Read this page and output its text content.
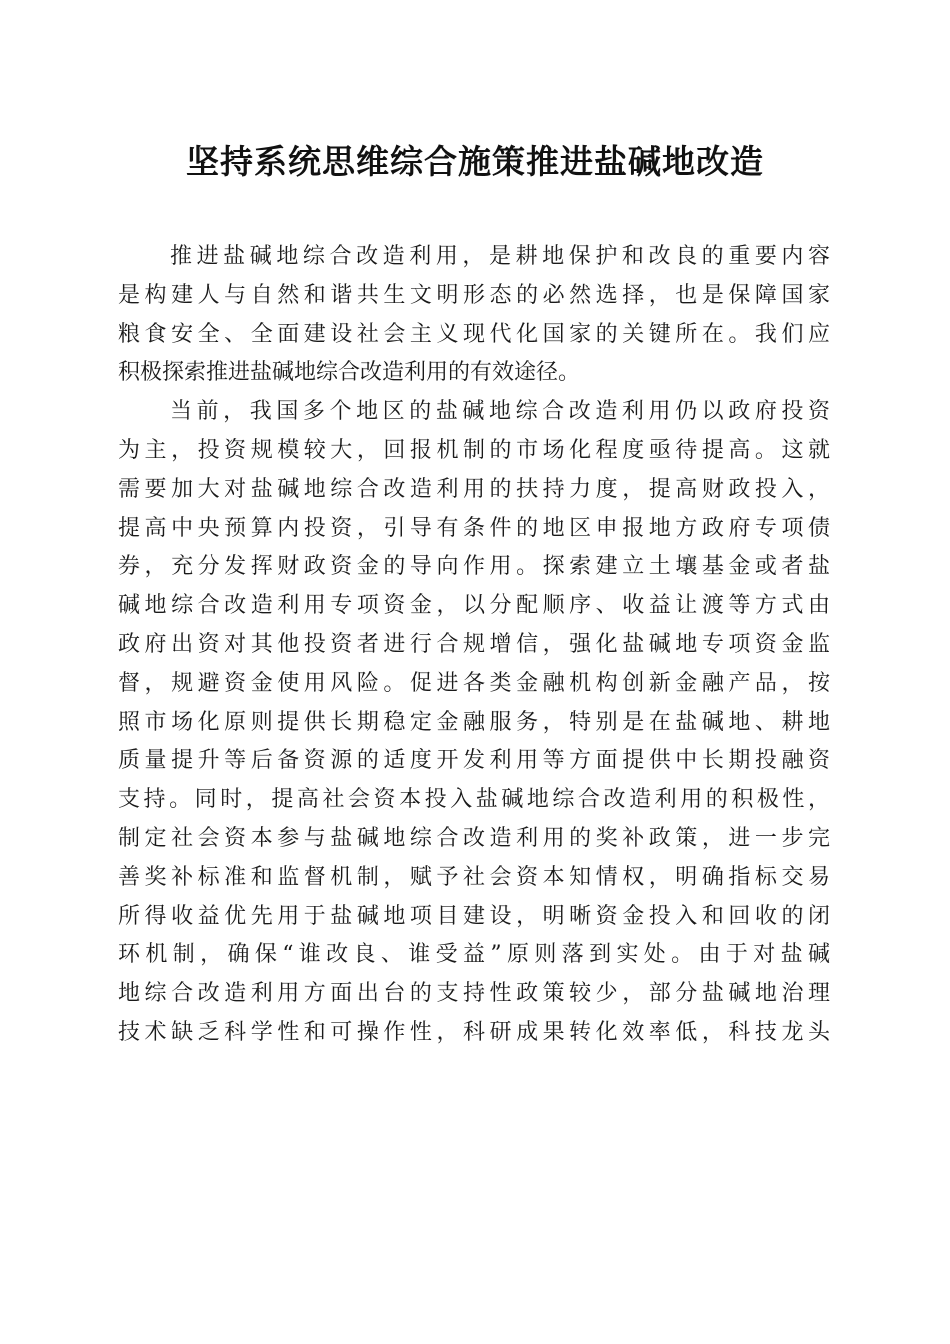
坚持系统思维综合施策推进盐碱地改造
推进盐碱地综合改造利用，是耕地保护和改良的重要内容
是构建人与自然和谐共生文明形态的必然选择，也是保障国家
粮食安全、全面建设社会主义现代化国家的关键所在。我们应
积极探索推进盐碱地综合改造利用的有效途径。
当前，我国多个地区的盐碱地综合改造利用仍以政府投资
为主，投资规模较大，回报机制的市场化程度亟待提高。这就
需要加大对盐碱地综合改造利用的扶持力度，提高财政投入，
提高中央预算内投资，引导有条件的地区申报地方政府专项债
券，充分发挥财政资金的导向作用。探索建立土壤基金或者盐
碱地综合改造利用专项资金，以分配顺序、收益让渡等方式由
政府出资对其他投资者进行合规增信，强化盐碱地专项资金监
督，规避资金使用风险。促进各类金融机构创新金融产品，按
照市场化原则提供长期稳定金融服务，特别是在盐碱地、耕地
质量提升等后备资源的适度开发利用等方面提供中长期投融资
支持。同时，提高社会资本投入盐碱地综合改造利用的积极性，
制定社会资本参与盐碱地综合改造利用的奖补政策，进一步完
善奖补标准和监督机制，赋予社会资本知情权，明确指标交易
所得收益优先用于盐碱地项目建设，明晰资金投入和回收的闭
环机制，确保“谁改良、谁受益”原则落到实处。由于对盐碱
地综合改造利用方面出台的支持性政策较少，部分盐碱地治理
技术缺乏科学性和可操作性，科研成果转化效率低，科技龙头
